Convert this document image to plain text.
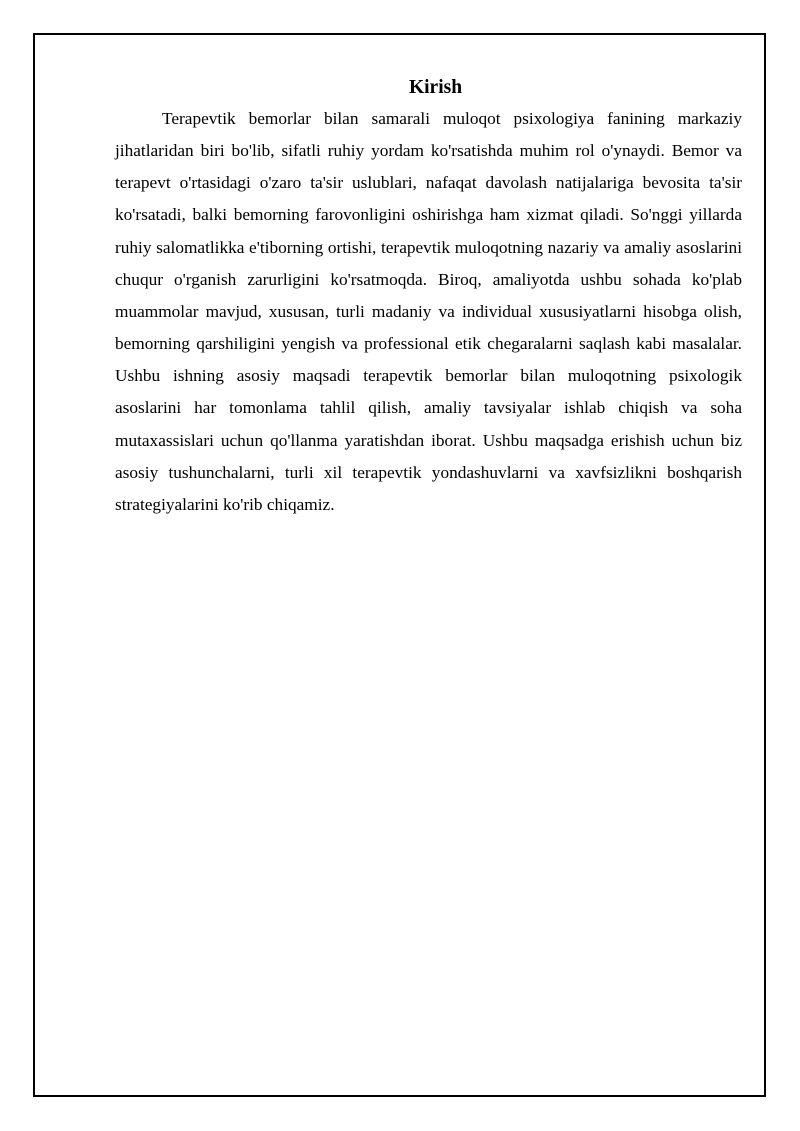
Kirish

Terapevtik bemorlar bilan samarali muloqot psixologiya fanining markaziy jihatlaridan biri bo'lib, sifatli ruhiy yordam ko'rsatishda muhim rol o'ynaydi. Bemor va terapevt o'rtasidagi o'zaro ta'sir uslublari, nafaqat davolash natijalariga bevosita ta'sir ko'rsatadi, balki bemorning farovonligini oshirishga ham xizmat qiladi. So'nggi yillarda ruhiy salomatlikka e'tiborning ortishi, terapevtik muloqotning nazariy va amaliy asoslarini chuqur o'rganish zarurligini ko'rsatmoqda. Biroq, amaliyotda ushbu sohada ko'plab muammolar mavjud, xususan, turli madaniy va individual xususiyatlarni hisobga olish, bemorning qarshiligini yengish va professional etik chegaralarni saqlash kabi masalalar. Ushbu ishning asosiy maqsadi terapevtik bemorlar bilan muloqotning psixologik asoslarini har tomonlama tahlil qilish, amaliy tavsiyalar ishlab chiqish va soha mutaxassislari uchun qo'llanma yaratishdan iborat. Ushbu maqsadga erishish uchun biz asosiy tushunchalarni, turli xil terapevtik yondashuvlarni va xavfsizlikni boshqarish strategiyalarini ko'rib chiqamiz.
